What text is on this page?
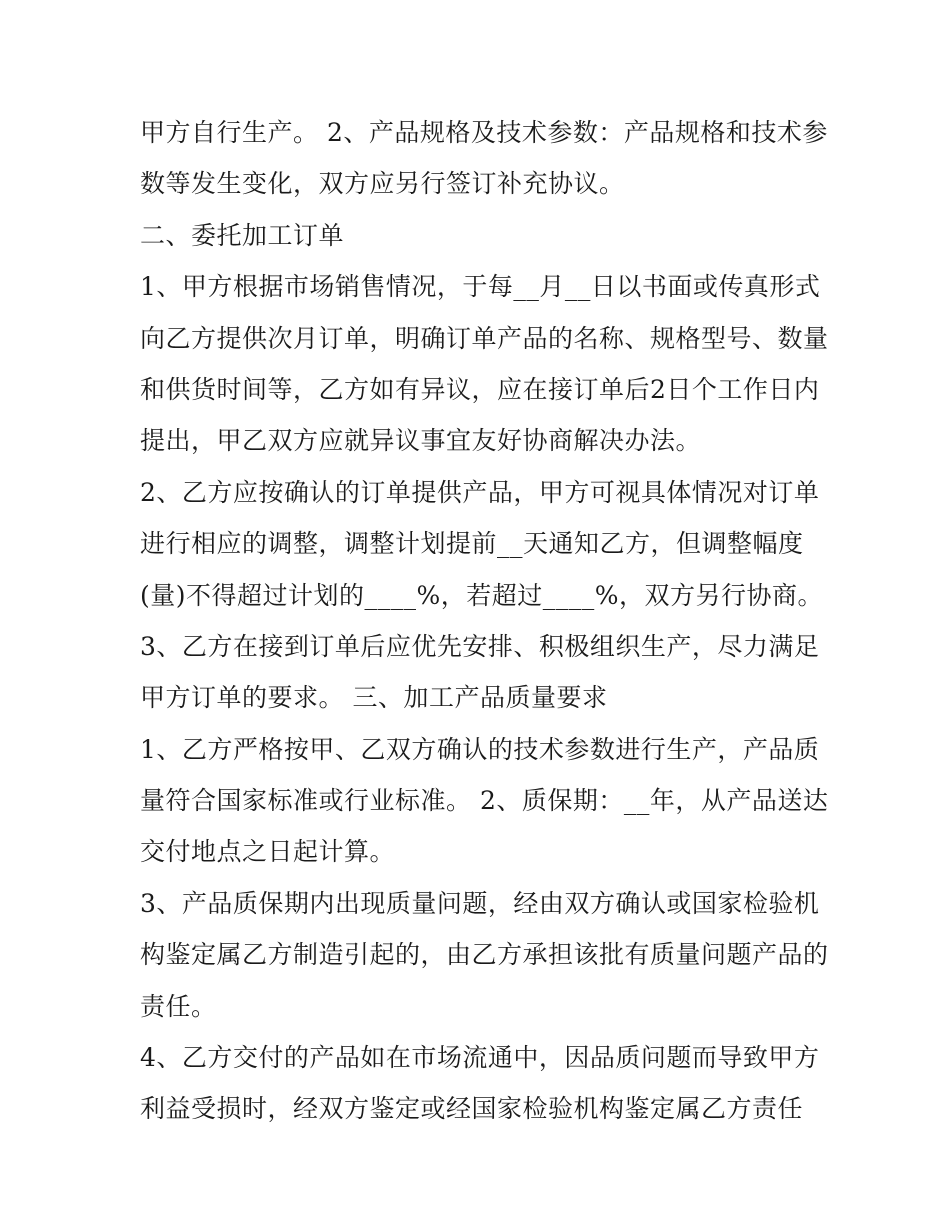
甲方自行生产。 2、产品规格及技术参数：产品规格和技术参
数等发生变化，双方应另行签订补充协议。
二、委托加工订单
1、甲方根据市场销售情况，于每__月__日以书面或传真形式
向乙方提供次月订单，明确订单产品的名称、规格型号、数量
和供货时间等，乙方如有异议，应在接订单后2日个工作日内
提出，甲乙双方应就异议事宜友好协商解决办法。
2、乙方应按确认的订单提供产品，甲方可视具体情况对订单
进行相应的调整，调整计划提前__天通知乙方，但调整幅度
(量)不得超过计划的____%，若超过____%，双方另行协商。
3、乙方在接到订单后应优先安排、积极组织生产，尽力满足
甲方订单的要求。 三、加工产品质量要求
1、乙方严格按甲、乙双方确认的技术参数进行生产，产品质
量符合国家标准或行业标准。 2、质保期：__年，从产品送达
交付地点之日起计算。
3、产品质保期内出现质量问题，经由双方确认或国家检验机
构鉴定属乙方制造引起的，由乙方承担该批有质量问题产品的
责任。
4、乙方交付的产品如在市场流通中，因品质问题而导致甲方
利益受损时，经双方鉴定或经国家检验机构鉴定属乙方责任
